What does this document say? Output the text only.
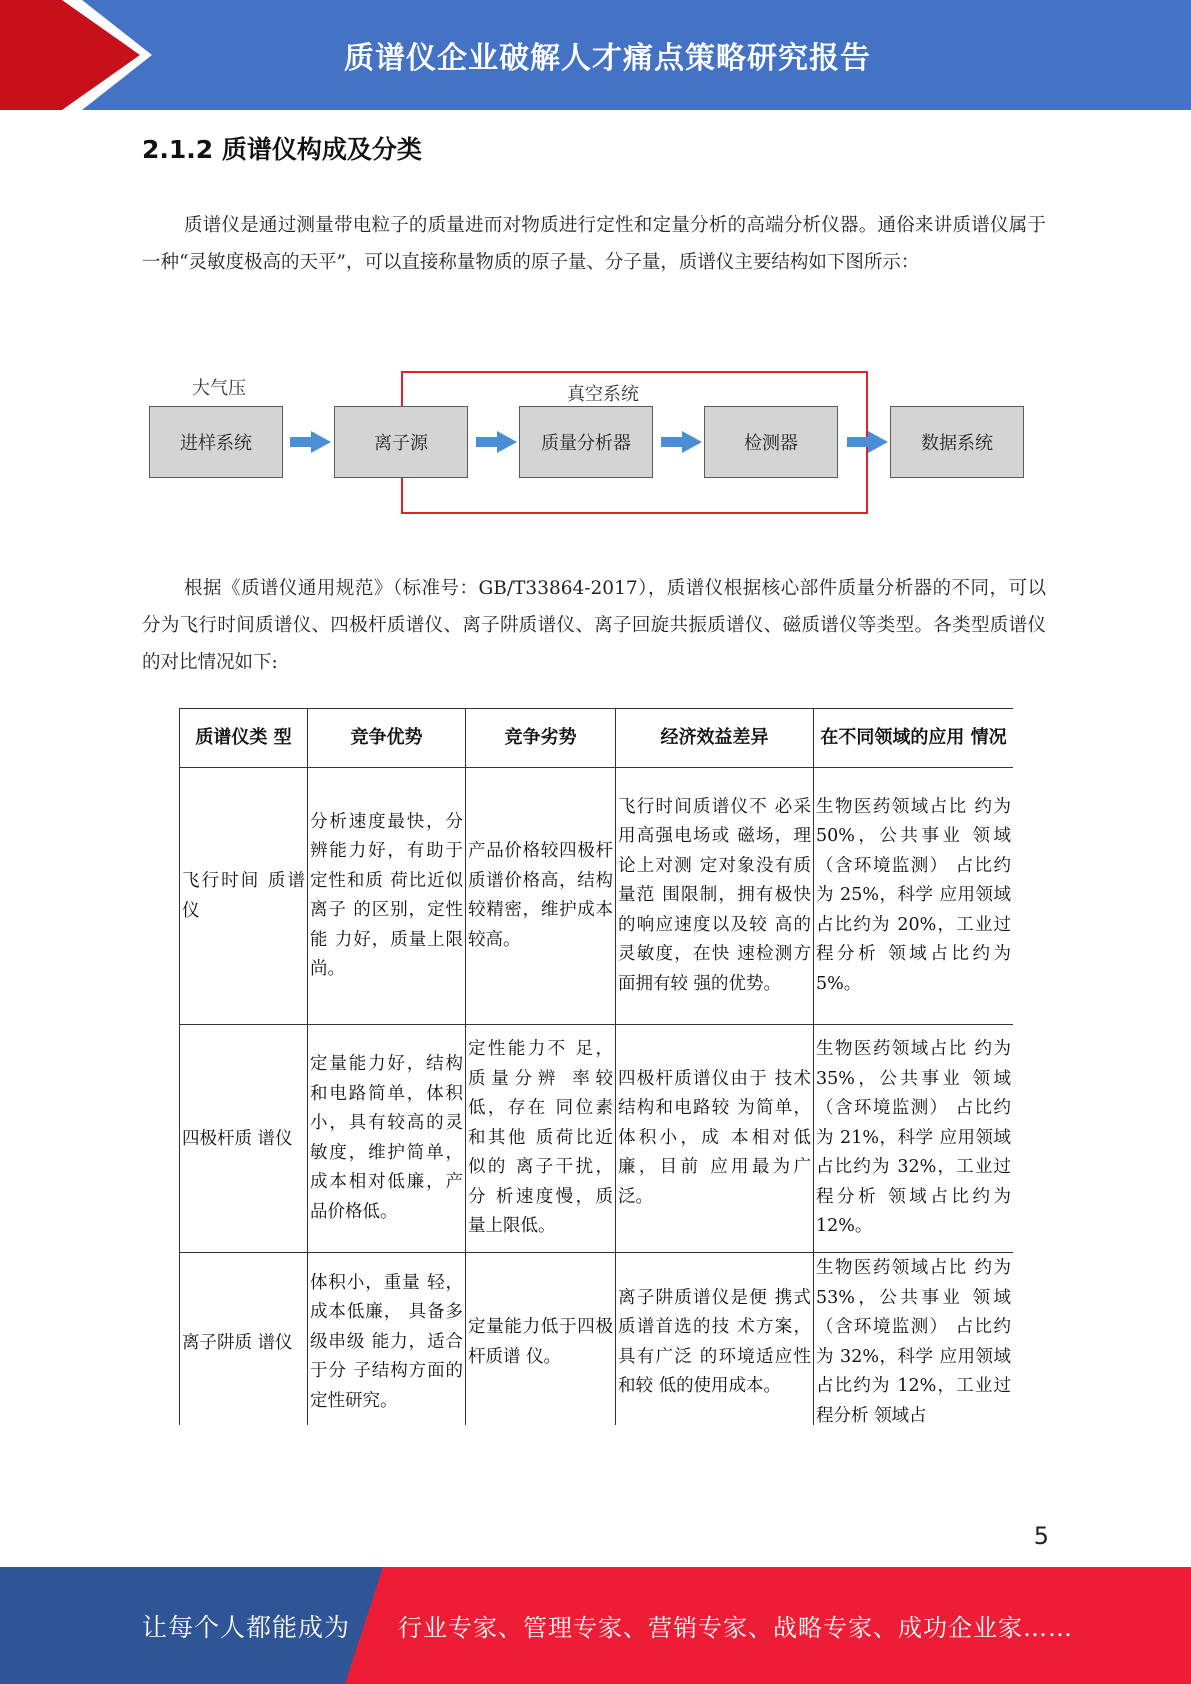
质谱仪企业破解人才痛点策略研究报告
2.1.2 质谱仪构成及分类

质谱仪是通过测量带电粒子的质量进而对物质进行定性和定量分析的高端分析仪器。通俗来讲质谱仪属于一种“灵敏度极高的天平”，可以直接称量物质的原子量、分子量，质谱仪主要结构如下图所示：

大气压	真空系统
进样系统	离子源	质量分析器	检测器	数据系统

根据《质谱仪通用规范》（标准号：GB/T33864-2017），质谱仪根据核心部件质量分析器的不同，可以分为飞行时间质谱仪、四极杆质谱仪、离子阱质谱仪、离子回旋共振质谱仪、磁质谱仪等类型。各类型质谱仪的对比情况如下:

质谱仪类 型	竞争优势	竞争劣势	经济效益差异	在不同领域的应用 情况
飞行时间 质谱仪	分析速度最快，分辨能力好，有助于定性和质 荷比近似离子 的区别，定性能 力好，质量上限 尚。	产品价格较四极杆质谱价格高，结构较精密，维护成本较高。	飞行时间质谱仪不 必采用高强电场或 磁场，理论上对测 定对象没有质量范 围限制，拥有极快 的响应速度以及较 高的灵敏度，在快 速检测方面拥有较 强的优势。	生物医药领域占比 约为 50%，公共事业 领域（含环境监测） 占比约为 25%，科学 应用领域占比约为 20%，工业过程分析 领域占比约为 5%。
四极杆质 谱仪	定量能力好，结构和电路简单，体积小，具有较高的灵敏度，维护简单，成本相对低廉，产品价格低。	定性能力不 足，质量分辨 率较低，存在 同位素和其他 质荷比近似的 离子干扰，分 析速度慢，质 量上限低。	四极杆质谱仪由于 技术结构和电路较 为简单，体积小，成 本相对低廉，目前 应用最为广泛。	生物医药领域占比 约为 35%，公共事业 领域（含环境监测） 占比约为 21%，科学 应用领域占比约为 32%，工业过程分析 领域占比约为 12%。
离子阱质 谱仪	体积小，重量 轻，成本低廉， 具备多级串级 能力，适合于分 子结构方面的 定性研究。	定量能力低于四极杆质谱 仪。	离子阱质谱仪是便 携式质谱首选的技 术方案，具有广泛 的环境适应性和较 低的使用成本。	生物医药领域占比 约为 53%，公共事业 领域（含环境监测） 占比约为 32%，科学 应用领域占比约为 12%，工业过程分析 领域占
5
让每个人都能成为 行业专家、管理专家、营销专家、战略专家、成功企业家……
